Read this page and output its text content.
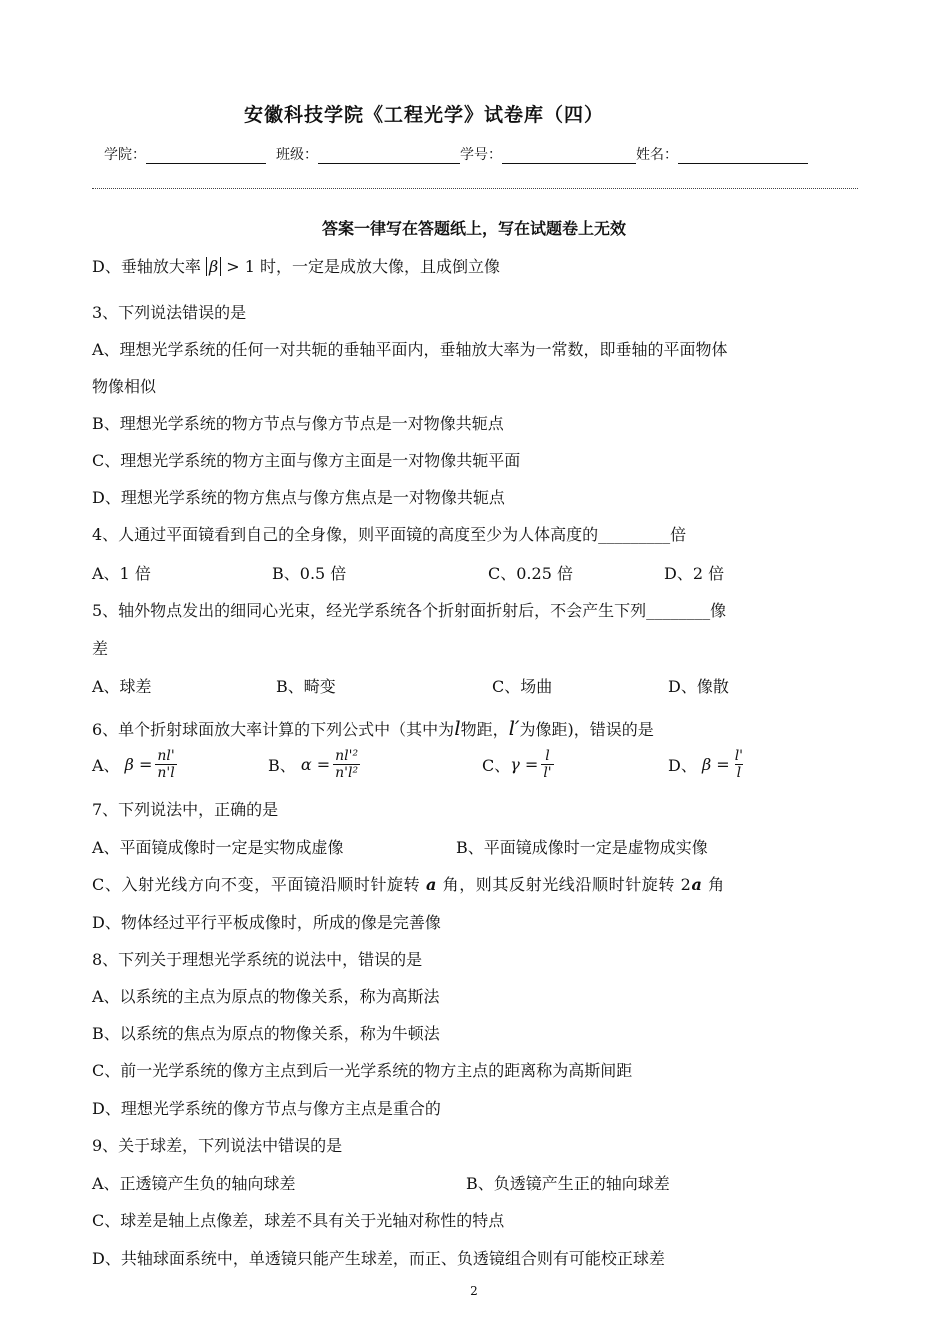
安徽科技学院《工程光学》试卷库（四）
学院：	班级：	学号：	姓名：
答案一律写在答题纸上，写在试题卷上无效
D、垂轴放大率 β > 1 时，一定是成放大像，且成倒立像
3、下列说法错误的是
A、理想光学系统的任何一对共轭的垂轴平面内，垂轴放大率为一常数，即垂轴的平面物体
物像相似
B、理想光学系统的物方节点与像方节点是一对物像共轭点
C、理想光学系统的物方主面与像方主面是一对物像共轭平面
D、理想光学系统的物方焦点与像方焦点是一对物像共轭点
4、人通过平面镜看到自己的全身像，则平面镜的高度至少为人体高度的_________倍
A、1 倍	B、0.5 倍	C、0.25 倍	D、2 倍
5、轴外物点发出的细同心光束，经光学系统各个折射面折射后，不会产生下列________像
差
A、球差	B、畸变	C、场曲	D、像散
6、单个折射球面放大率计算的下列公式中（其中为l物距，l′为像距)，错误的是
A、
$\beta = \frac{nl'}{n'l}$	B、
$\alpha = \frac{\text{nl'²}}{\text{n'l²}}$	C、 $\gamma = \frac{l}{l'}$	D、
$\beta = \frac{l'}{l}$
7、下列说法中，正确的是
A、平面镜成像时一定是实物成虚像	B、平面镜成像时一定是虚物成实像
C、入射光线方向不变，平面镜沿顺时针旋转 a 角，则其反射光线沿顺时针旋转 2a 角
D、物体经过平行平板成像时，所成的像是完善像
8、下列关于理想光学系统的说法中，错误的是
A、以系统的主点为原点的物像关系，称为高斯法
B、以系统的焦点为原点的物像关系，称为牛顿法
C、前一光学系统的像方主点到后一光学系统的物方主点的距离称为高斯间距
D、理想光学系统的像方节点与像方主点是重合的
9、关于球差，下列说法中错误的是
A、正透镜产生负的轴向球差	B、负透镜产生正的轴向球差
C、球差是轴上点像差，球差不具有关于光轴对称性的特点
D、共轴球面系统中，单透镜只能产生球差，而正、负透镜组合则有可能校正球差
2
